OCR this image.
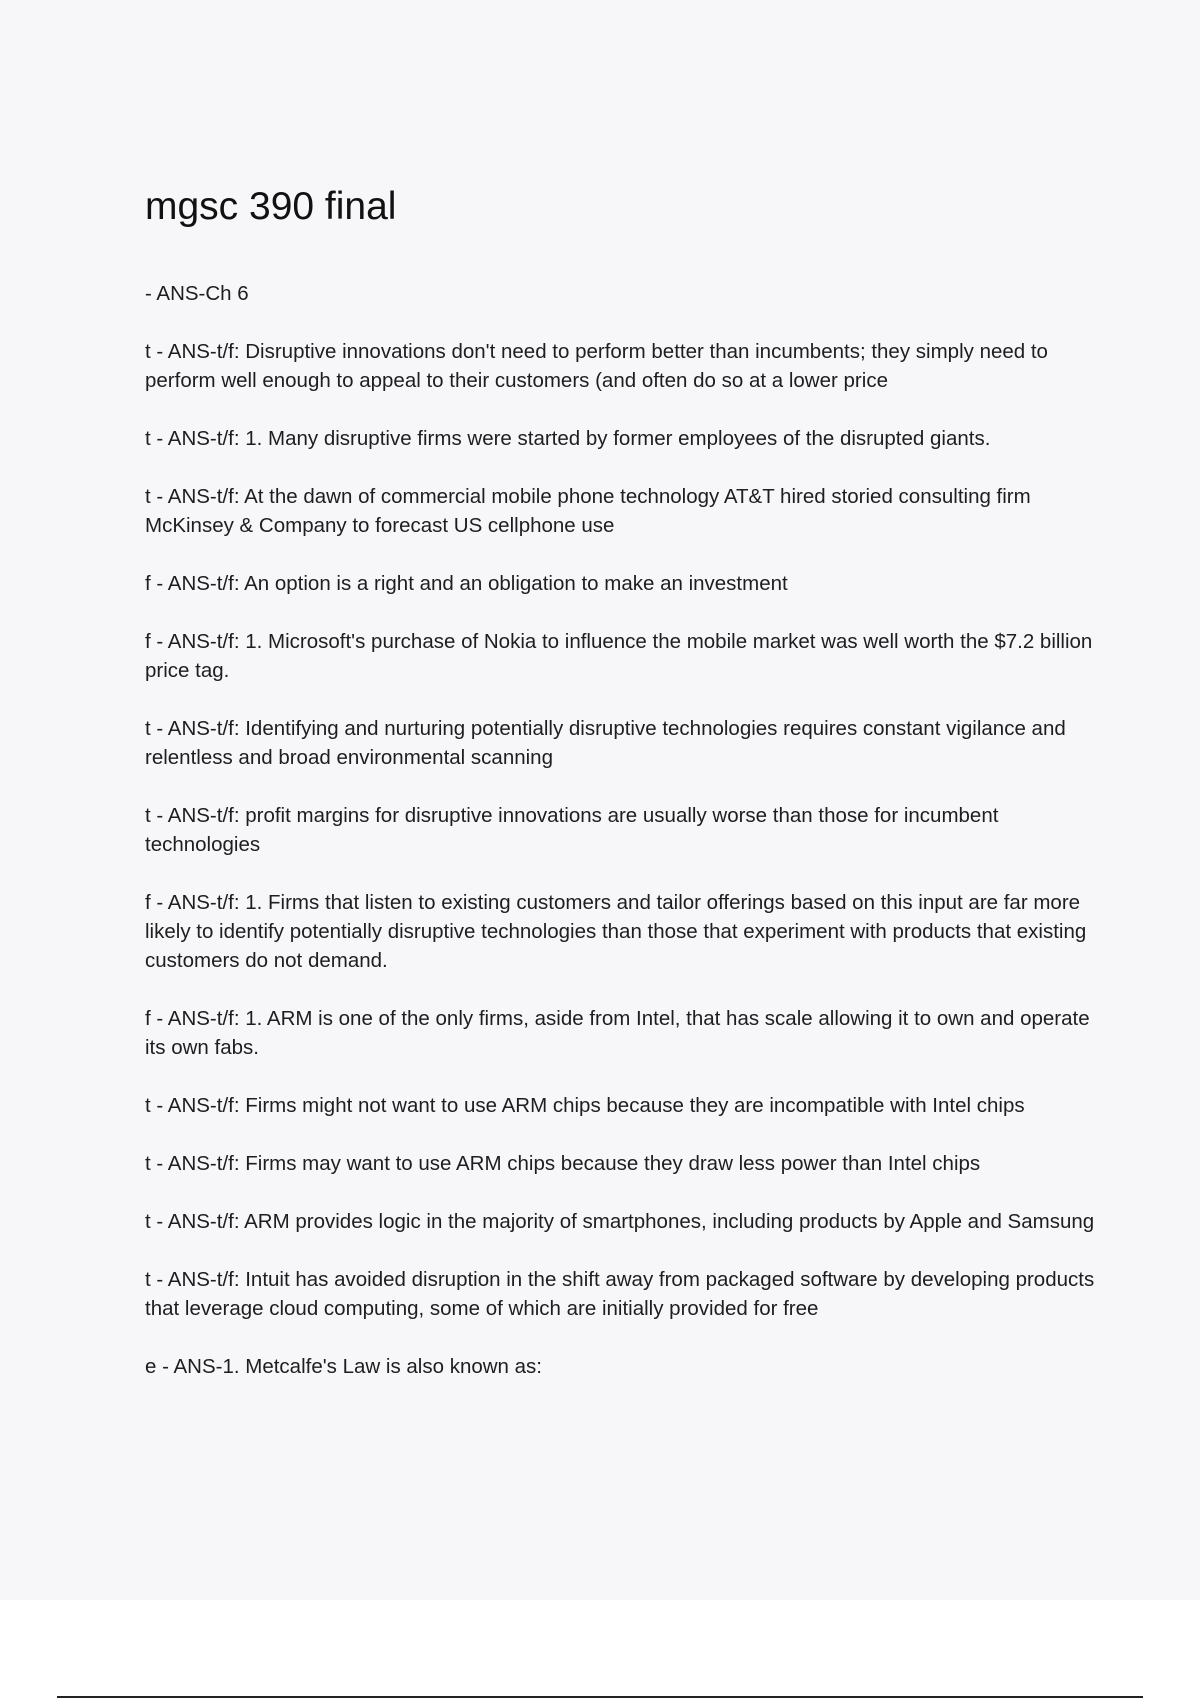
mgsc 390 final

- ANS-Ch 6

t - ANS-t/f: Disruptive innovations don't need to perform better than incumbents; they simply need to perform well enough to appeal to their customers (and often do so at a lower price

t - ANS-t/f: 1. Many disruptive firms were started by former employees of the disrupted giants.

t - ANS-t/f: At the dawn of commercial mobile phone technology AT&T hired storied consulting firm McKinsey & Company to forecast US cellphone use

f - ANS-t/f: An option is a right and an obligation to make an investment

f - ANS-t/f: 1. Microsoft's purchase of Nokia to influence the mobile market was well worth the $7.2 billion price tag.

t - ANS-t/f: Identifying and nurturing potentially disruptive technologies requires constant vigilance and relentless and broad environmental scanning

t - ANS-t/f: profit margins for disruptive innovations are usually worse than those for incumbent technologies

f - ANS-t/f: 1. Firms that listen to existing customers and tailor offerings based on this input are far more likely to identify potentially disruptive technologies than those that experiment with products that existing customers do not demand.

f - ANS-t/f: 1. ARM is one of the only firms, aside from Intel, that has scale allowing it to own and operate its own fabs.

t - ANS-t/f: Firms might not want to use ARM chips because they are incompatible with Intel chips

t - ANS-t/f: Firms may want to use ARM chips because they draw less power than Intel chips

t - ANS-t/f: ARM provides logic in the majority of smartphones, including products by Apple and Samsung

t - ANS-t/f: Intuit has avoided disruption in the shift away from packaged software by developing products that leverage cloud computing, some of which are initially provided for free

e - ANS-1. Metcalfe's Law is also known as:
